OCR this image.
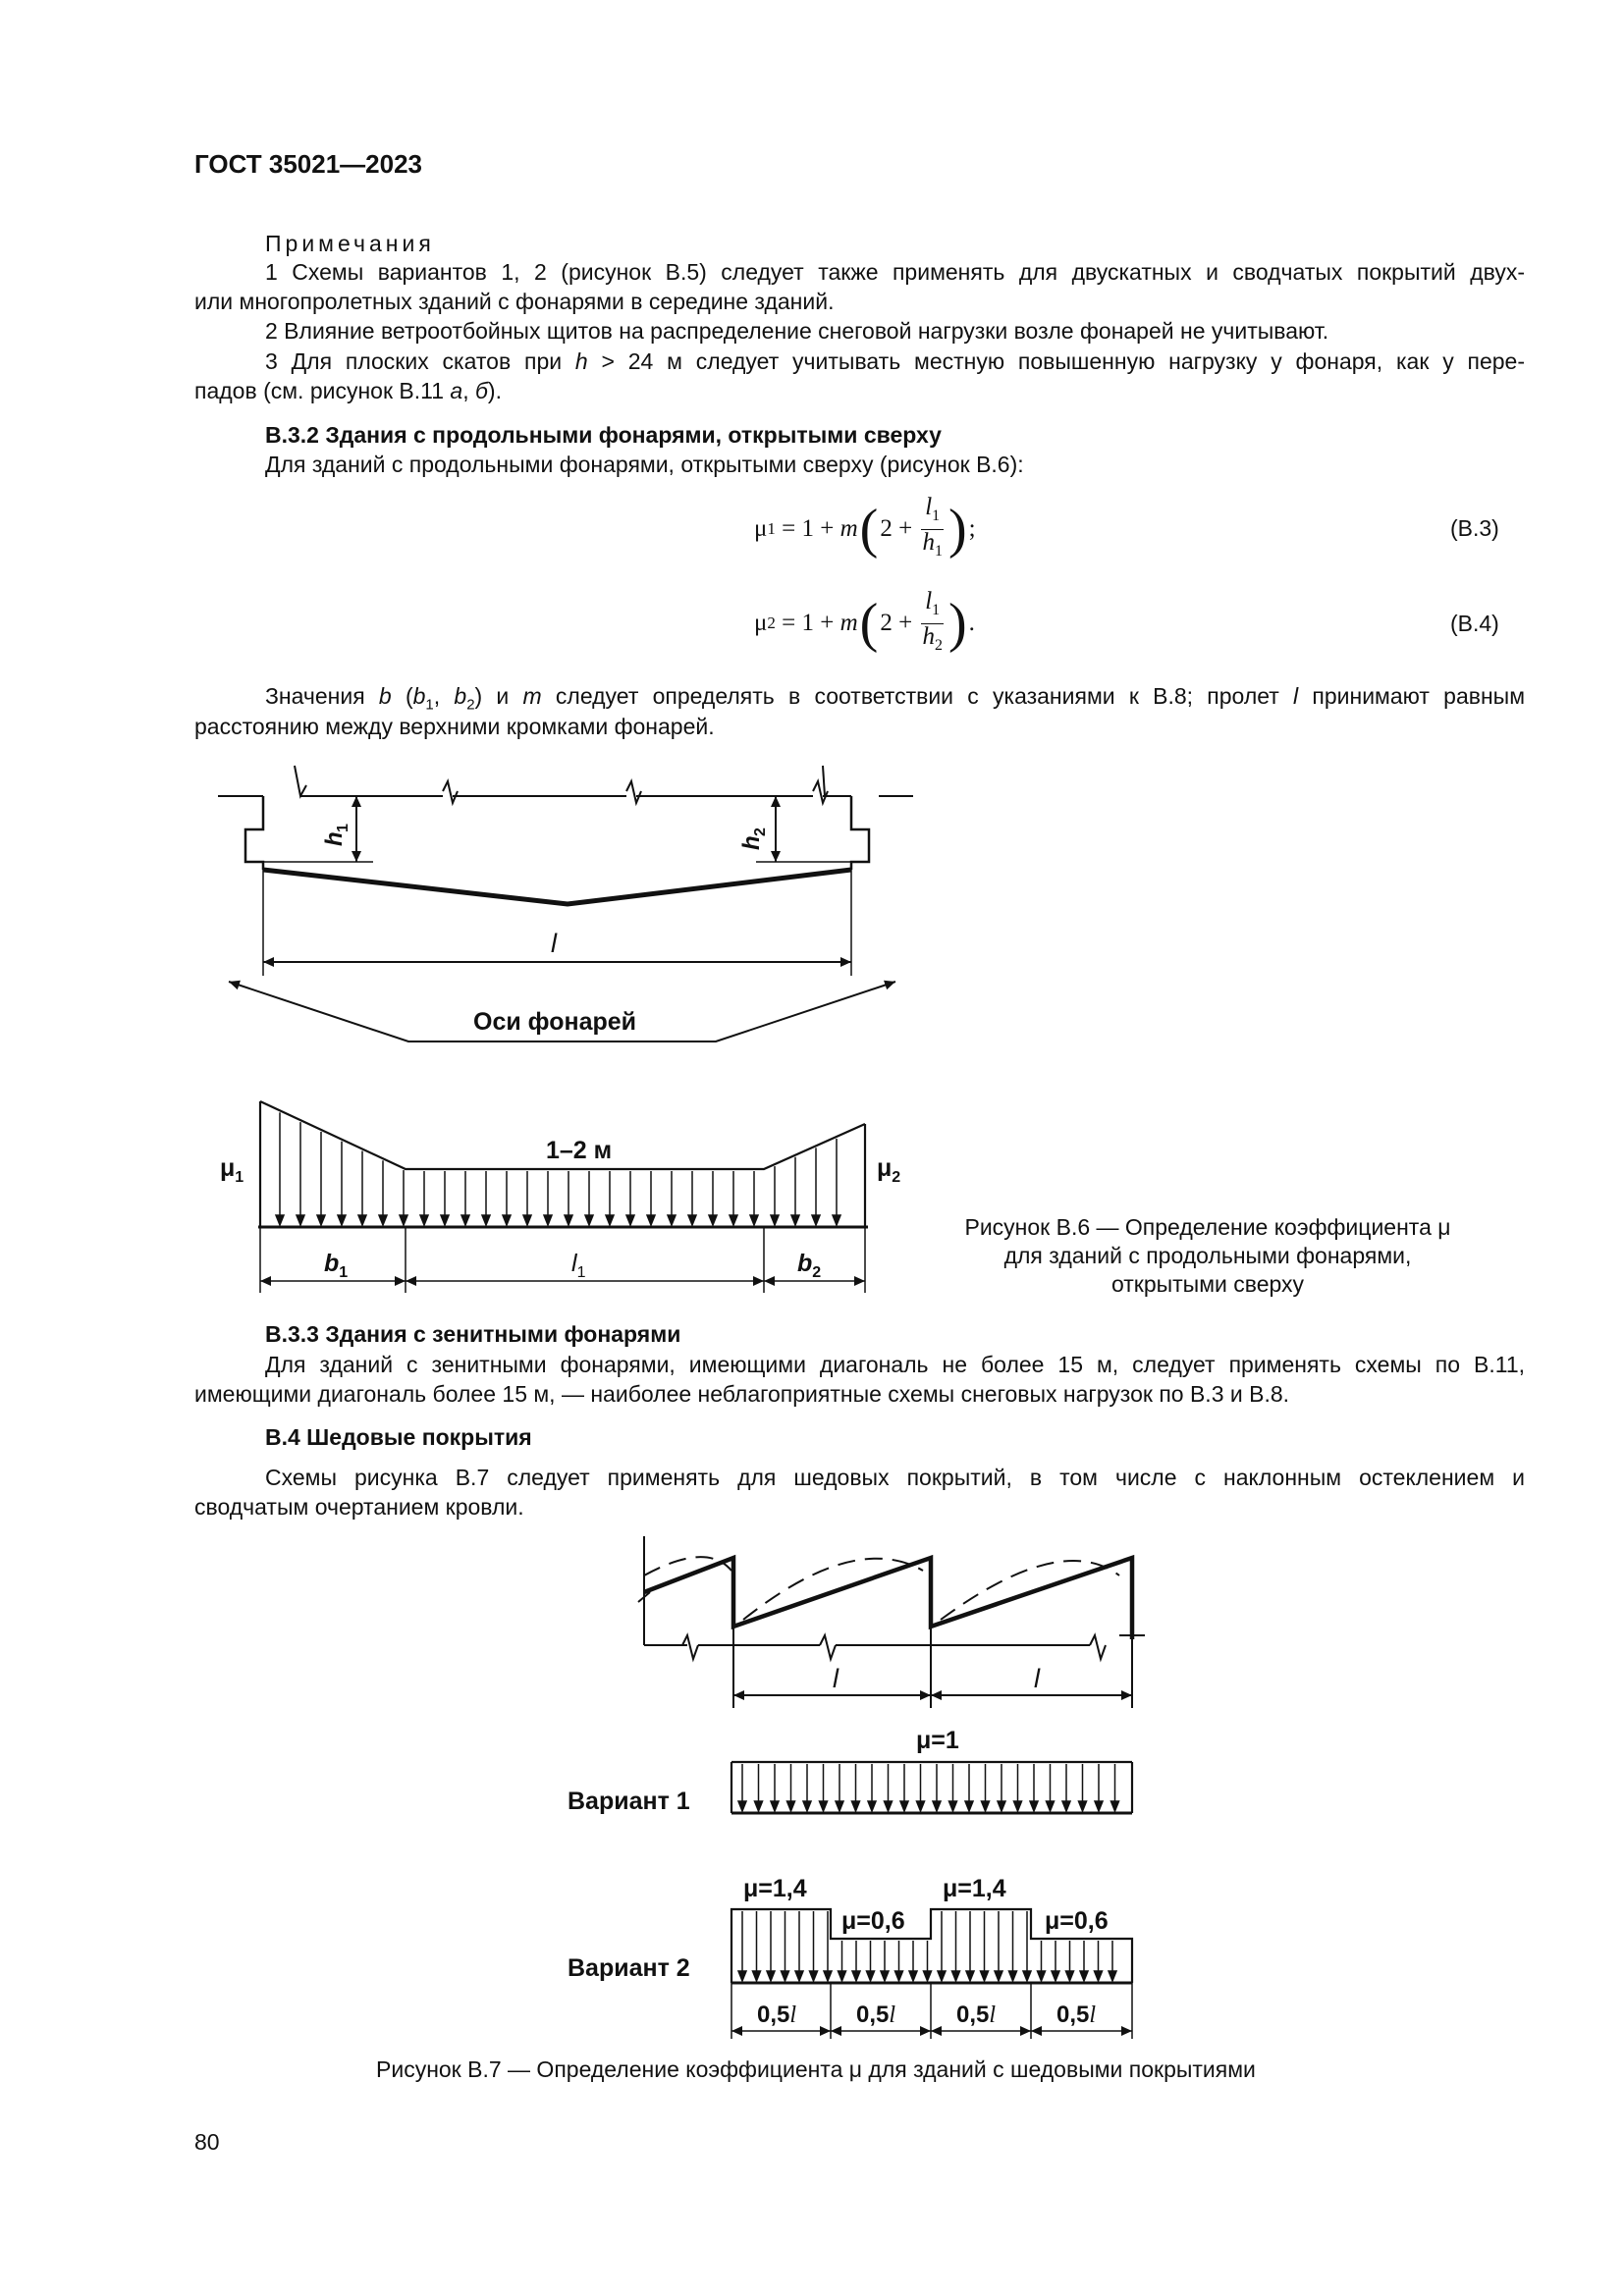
ГОСТ 35021—2023
Примечания
1 Схемы вариантов 1, 2 (рисунок В.5) следует также применять для двускатных и сводчатых покрытий двух-
или многопролетных зданий с фонарями в середине зданий.
2 Влияние ветроотбойных щитов на распределение снеговой нагрузки возле фонарей не учитывают.
3 Для плоских скатов при h > 24 м следует учитывать местную повышенную нагрузку у фонаря, как у пере-
падов (см. рисунок В.11 а, б).
В.3.2 Здания с продольными фонарями, открытыми сверху
Для зданий с продольными фонарями, открытыми сверху (рисунок В.6):
μ 1 = 1 + m ( $2 + \frac{l_1}{h_1}$ ) ;	(В.3)
μ 2 = 1 + m ( $2 + \frac{l_1}{h_2}$ ) .	(В.4)
Значения b ($b_1$, $b_2$) и m следует определять в соответствии с указаниями к В.8; пролет l принимают равным
расстоянию между верхними кромками фонарей.
l
Оси фонарей
h
1
h
2
$\mu_1$	$\mu_2$
1–2 м
$b_1$	$l_1$	$b_2$
Рисунок В.6 — Определение коэффициента μ
для зданий с продольными фонарями,
открытыми сверху
В.3.3 Здания с зенитными фонарями
Для зданий с зенитными фонарями, имеющими диагональ не более 15 м, следует применять схемы по В.11,
имеющими диагональ более 15 м, — наиболее неблагоприятные схемы снеговых нагрузок по В.3 и В.8.
В.4 Шедовые покрытия
Схемы рисунка В.7 следует применять для шедовых покрытий, в том числе с наклонным остеклением и
сводчатым очертанием кровли.
l	l
Вариант 1
μ=1
Вариант 2
μ=1,4
μ=0,6
μ=1,4
μ=0,6
0,5l	0,5l	0,5l	0,5l
Рисунок В.7 — Определение коэффициента μ для зданий с шедовыми покрытиями
80
